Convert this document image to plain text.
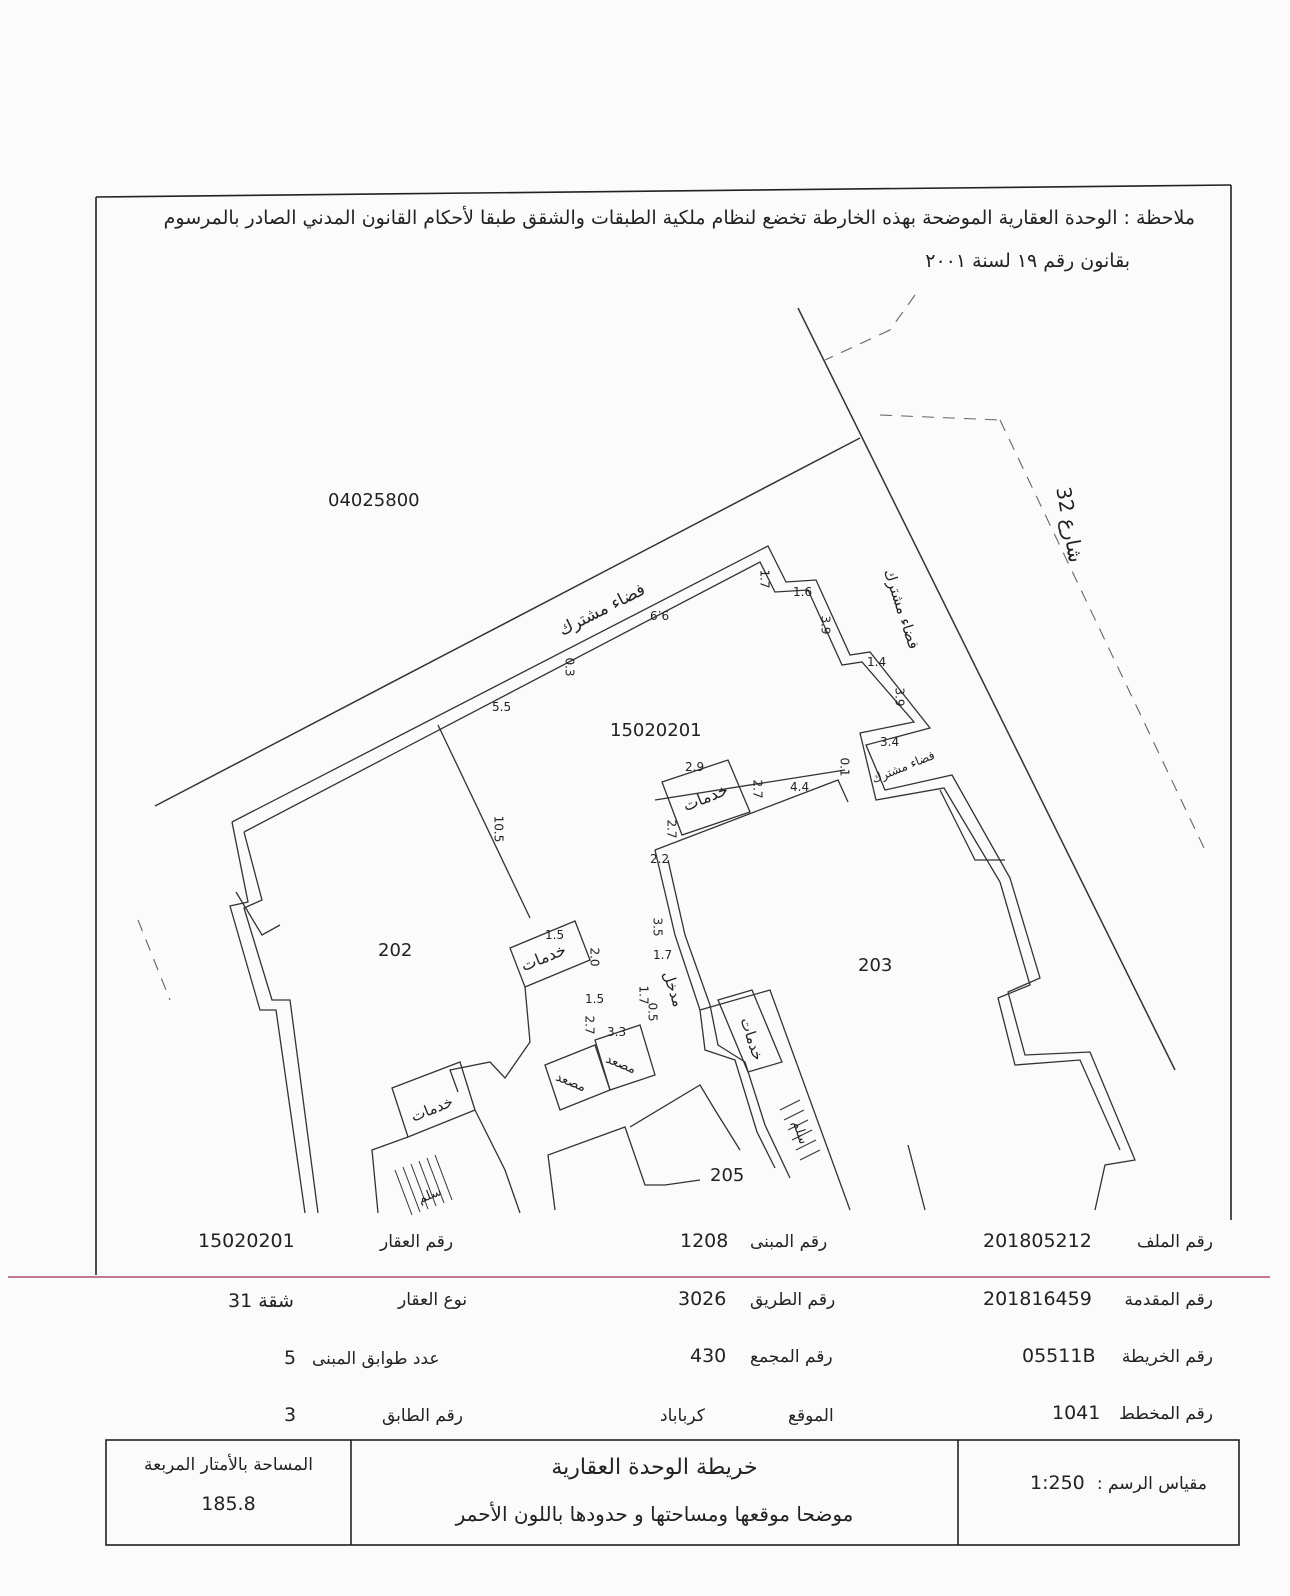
ملاحظة : الوحدة العقارية الموضحة بهذه الخارطة تخضع لنظام ملكية الطبقات والشقق طبقا لأحكام القانون المدني الصادر بالمرسوم
بقانون رقم ١٩ لسنة ٢٠٠١
04025800
15020201
202
203
205
شارع 32
فضاء مشترك	فضاء مشترك
فضاء مشترك
خدمات
خدمات
خدمات
خدمات
مدخل
مصعد
مصعد
سلم
سلم
9.9
1.7
1.6
3.9
1.4
3.9
3.4
0.1
4.4
2.7
2.9
2.7
2.2
0.3
5.5
10.5
1.5
2.0
1.5
2.7 3.3
3.5
1.7
1.7
0.5
رقم الملف
201805212
رقم المبنى
1208
رقم العقار
15020201
رقم المقدمة
201816459
رقم الطريق
3026
نوع العقار
شقة 31
رقم الخريطة
05511B
رقم المجمع
430
عدد طوابق المبنى
5
رقم المخطط
1041
الموقع
كرباباد
رقم الطابق
3
مقياس الرسم :
1:250
خريطة الوحدة العقارية
موضحا موقعها ومساحتها و حدودها باللون الأحمر
المساحة بالأمتار المربعة
185.8
